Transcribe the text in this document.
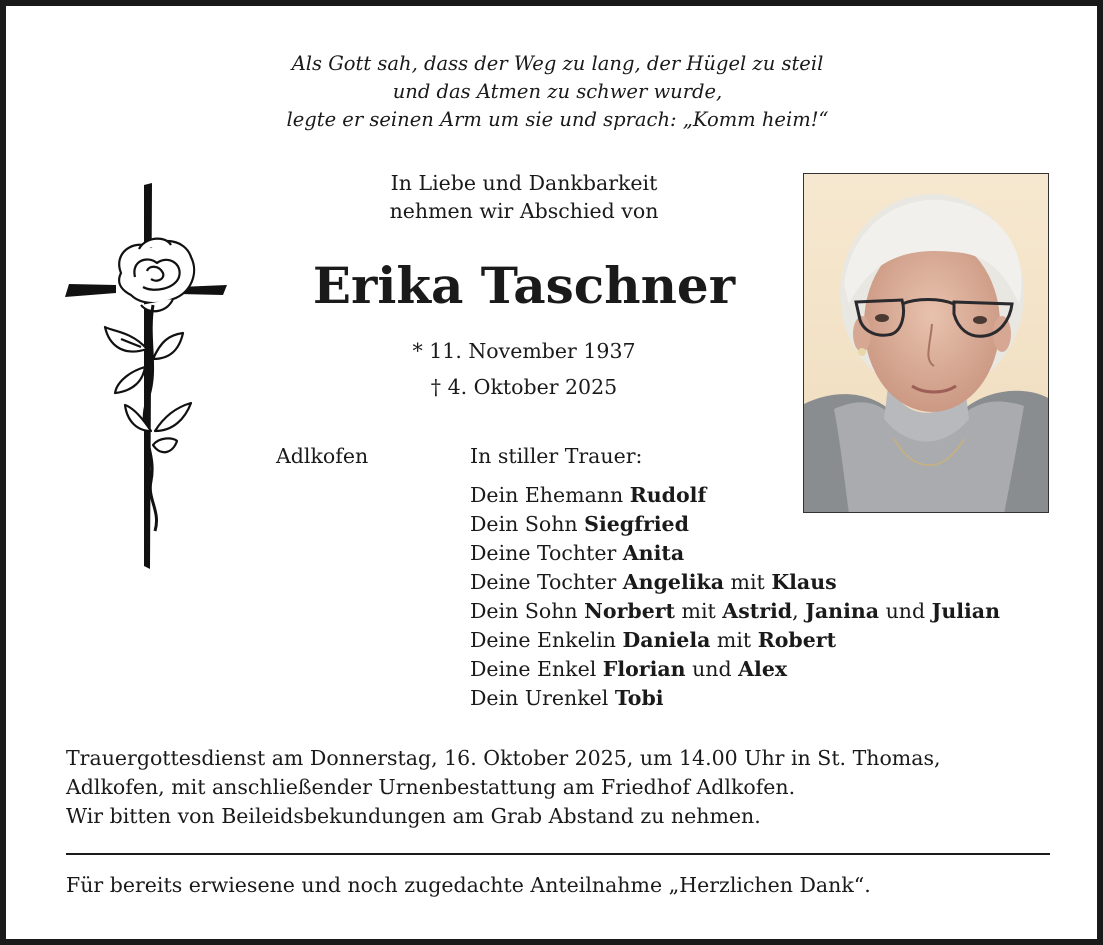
Als Gott sah, dass der Weg zu lang, der Hügel zu steil
und das Atmen zu schwer wurde,
legte er seinen Arm um sie und sprach: „Komm heim!“
In Liebe und Dankbarkeit
nehmen wir Abschied von
Erika Taschner
* 11. November 1937
† 4. Oktober 2025
Adlkofen	In stiller Trauer:
Dein Ehemann Rudolf
Dein Sohn Siegfried
Deine Tochter Anita
Deine Tochter Angelika mit Klaus
Dein Sohn Norbert mit Astrid, Janina und Julian
Deine Enkelin Daniela mit Robert
Deine Enkel Florian und Alex
Dein Urenkel Tobi
Trauergottesdienst am Donnerstag, 16. Oktober 2025, um 14.00 Uhr in St. Thomas,
Adlkofen, mit anschließender Urnenbestattung am Friedhof Adlkofen.
Wir bitten von Beileidsbekundungen am Grab Abstand zu nehmen.
Für bereits erwiesene und noch zugedachte Anteilnahme „Herzlichen Dank“.
